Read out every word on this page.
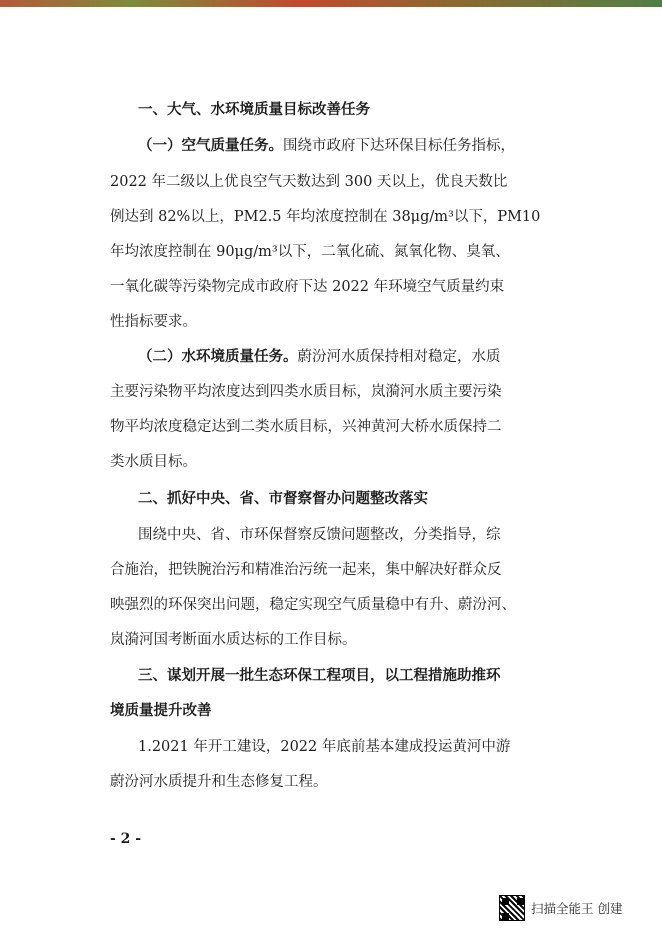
一、大气、水环境质量目标改善任务
（一）空气质量任务。围绕市政府下达环保目标任务指标，
2022 年二级以上优良空气天数达到 300 天以上，优良天数比
例达到 82%以上，PM2.5 年均浓度控制在 38μg/m³以下，PM10
年均浓度控制在 90μg/m³以下，二氧化硫、氮氧化物、臭氧、
一氧化碳等污染物完成市政府下达 2022 年环境空气质量约束
性指标要求。
（二）水环境质量任务。蔚汾河水质保持相对稳定，水质
主要污染物平均浓度达到四类水质目标，岚漪河水质主要污染
物平均浓度稳定达到二类水质目标，兴神黄河大桥水质保持二
类水质目标。
二、抓好中央、省、市督察督办问题整改落实
围绕中央、省、市环保督察反馈问题整改，分类指导，综
合施治，把铁腕治污和精准治污统一起来，集中解决好群众反
映强烈的环保突出问题，稳定实现空气质量稳中有升、蔚汾河、
岚漪河国考断面水质达标的工作目标。
三、谋划开展一批生态环保工程项目，以工程措施助推环
境质量提升改善
1.2021 年开工建设，2022 年底前基本建成投运黄河中游
蔚汾河水质提升和生态修复工程。
- 2 -
扫描全能王 创建
